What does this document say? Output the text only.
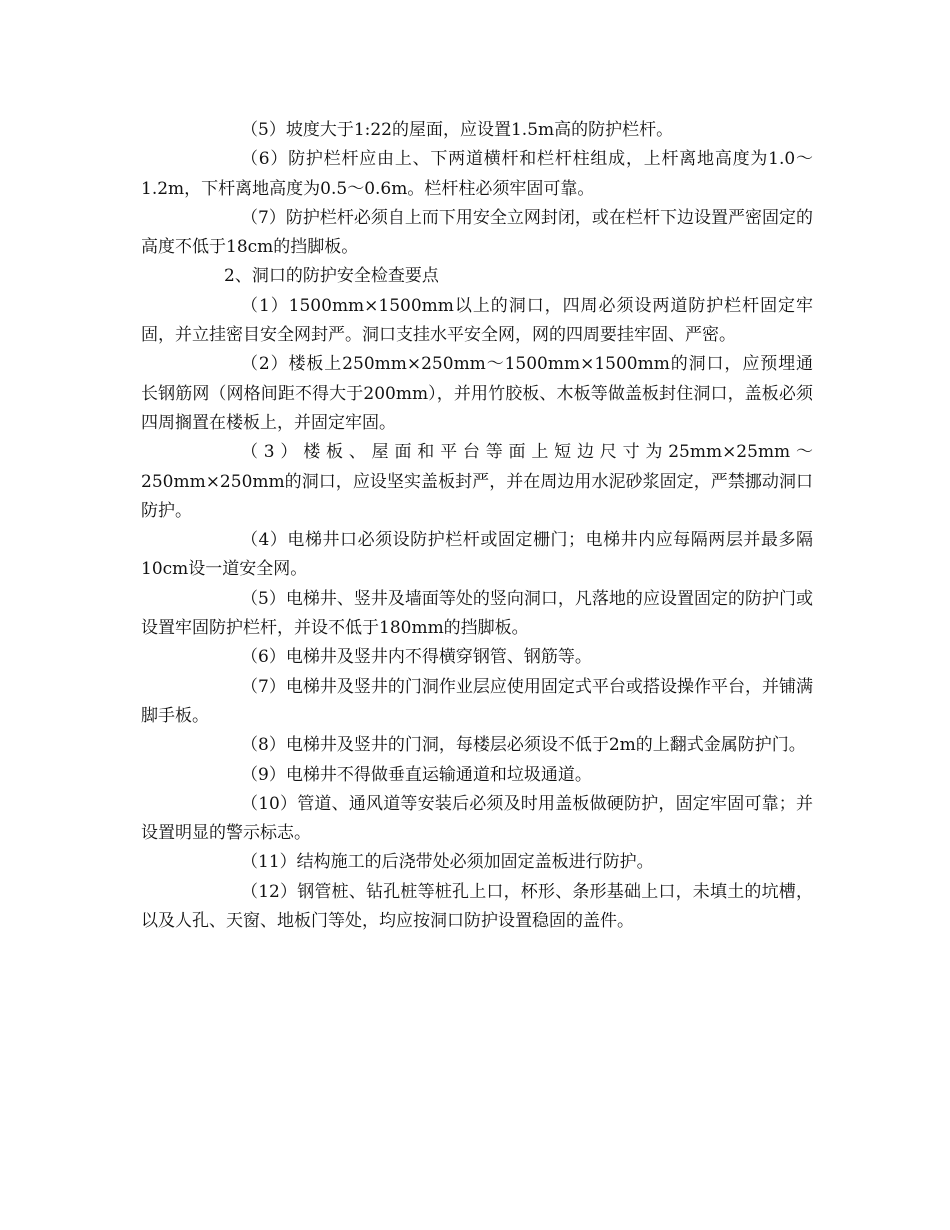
（5）坡度大于1:22的屋面，应设置1.5m高的防护栏杆。

（6）防护栏杆应由上、下两道横杆和栏杆柱组成，上杆离地高度为1.0～1.2m，下杆离地高度为0.5～0.6m。栏杆柱必须牢固可靠。

（7）防护栏杆必须自上而下用安全立网封闭，或在栏杆下边设置严密固定的高度不低于18cm的挡脚板。

2、洞口的防护安全检查要点

（1）1500mm×1500mm以上的洞口，四周必须设两道防护栏杆固定牢固，并立挂密目安全网封严。洞口支挂水平安全网，网的四周要挂牢固、严密。

（2）楼板上250mm×250mm～1500mm×1500mm的洞口，应预埋通长钢筋网（网格间距不得大于200mm），并用竹胶板、木板等做盖板封住洞口，盖板必须四周搁置在楼板上，并固定牢固。

（3）楼板、屋面和平台等面上短边尺寸为25mm×25mm～250mm×250mm的洞口，应设坚实盖板封严，并在周边用水泥砂浆固定，严禁挪动洞口防护。

（4）电梯井口必须设防护栏杆或固定栅门；电梯井内应每隔两层并最多隔10cm设一道安全网。

（5）电梯井、竖井及墙面等处的竖向洞口，凡落地的应设置固定的防护门或设置牢固防护栏杆，并设不低于180mm的挡脚板。

（6）电梯井及竖井内不得横穿钢管、钢筋等。

（7）电梯井及竖井的门洞作业层应使用固定式平台或搭设操作平台，并铺满脚手板。

（8）电梯井及竖井的门洞，每楼层必须设不低于2m的上翻式金属防护门。

（9）电梯井不得做垂直运输通道和垃圾通道。

（10）管道、通风道等安装后必须及时用盖板做硬防护，固定牢固可靠；并设置明显的警示标志。

（11）结构施工的后浇带处必须加固定盖板进行防护。

（12）钢管桩、钻孔桩等桩孔上口，杯形、条形基础上口，未填土的坑槽，以及人孔、天窗、地板门等处，均应按洞口防护设置稳固的盖件。
